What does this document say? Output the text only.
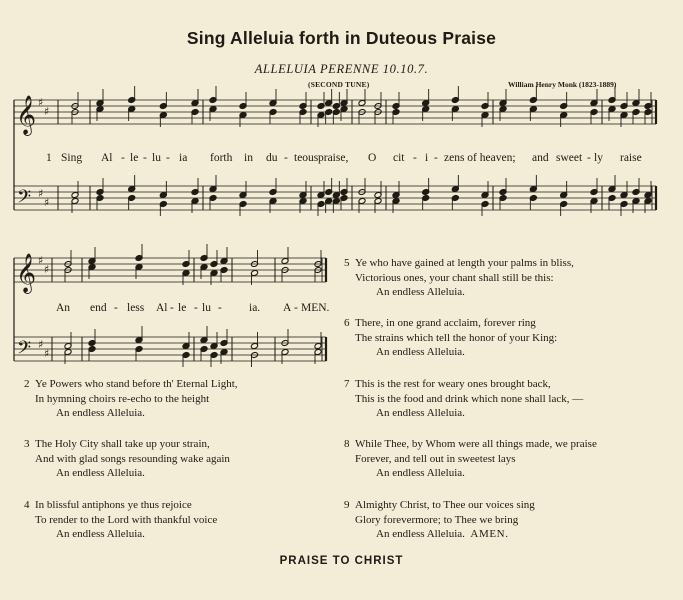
Sing Alleluia forth in Duteous Praise
ALLELUIA PERENNE 10.10.7.
(SECOND TUNE)	William Henry Monk (1823-1889)
𝄞
𝄢
♯
♯
♯
♯
𝄞
𝄢
♯
♯
♯
♯
1 Sing Al - le - lu - ia forth in du - teous praise, O cit - i - zens of heaven; and sweet - ly raise
An end - less Al - le - lu - ia. A - MEN.
2 Ye Powers who stand before th' Eternal Light,
In hymning choirs re-echo to the height
An endless Alleluia.
3 The Holy City shall take up your strain,
And with glad songs resounding wake again
An endless Alleluia.
4 In blissful antiphons ye thus rejoice
To render to the Lord with thankful voice
An endless Alleluia.
5 Ye who have gained at length your palms in bliss,
Victorious ones, your chant shall still be this:
An endless Alleluia.
6 There, in one grand acclaim, forever ring
The strains which tell the honor of your King:
An endless Alleluia.
7 This is the rest for weary ones brought back,
This is the food and drink which none shall lack, —
An endless Alleluia.
8 While Thee, by Whom were all things made, we praise
Forever, and tell out in sweetest lays
An endless Alleluia.
9 Almighty Christ, to Thee our voices sing
Glory forevermore; to Thee we bring
An endless Alleluia. AMEN.
PRAISE TO CHRIST
